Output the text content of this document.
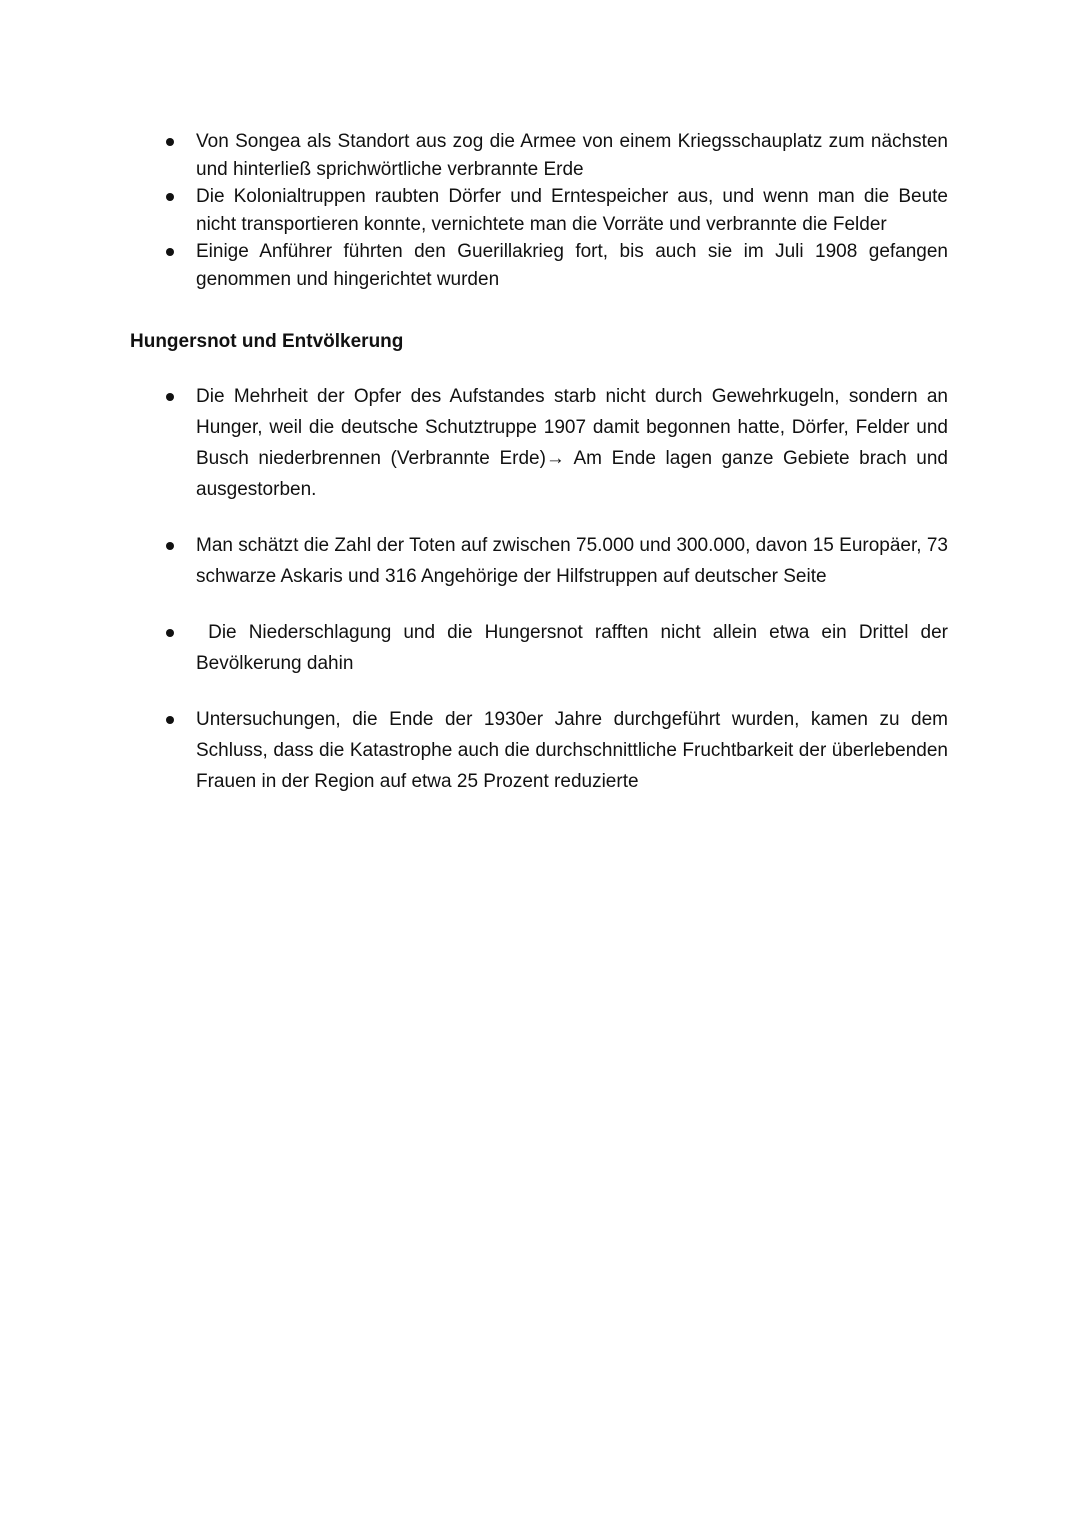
Von Songea als Standort aus zog die Armee von einem Kriegsschauplatz zum nächsten und hinterließ sprichwörtliche verbrannte Erde
Die Kolonialtruppen raubten Dörfer und Erntespeicher aus, und wenn man die Beute nicht transportieren konnte, vernichtete man die Vorräte und verbrannte die Felder
Einige Anführer führten den Guerillakrieg fort, bis auch sie im Juli 1908 gefangen genommen und hingerichtet wurden
Hungersnot und Entvölkerung
Die Mehrheit der Opfer des Aufstandes starb nicht durch Gewehrkugeln, sondern an Hunger, weil die deutsche Schutztruppe 1907 damit begonnen hatte, Dörfer, Felder und Busch niederbrennen (Verbrannte Erde)→ Am Ende lagen ganze Gebiete brach und ausgestorben.
Man schätzt die Zahl der Toten auf zwischen 75.000 und 300.000, davon 15 Europäer, 73 schwarze Askaris und 316 Angehörige der Hilfstruppen auf deutscher Seite
Die Niederschlagung und die Hungersnot rafften nicht allein etwa ein Drittel der Bevölkerung dahin
Untersuchungen, die Ende der 1930er Jahre durchgeführt wurden, kamen zu dem Schluss, dass die Katastrophe auch die durchschnittliche Fruchtbarkeit der überlebenden Frauen in der Region auf etwa 25 Prozent reduzierte
